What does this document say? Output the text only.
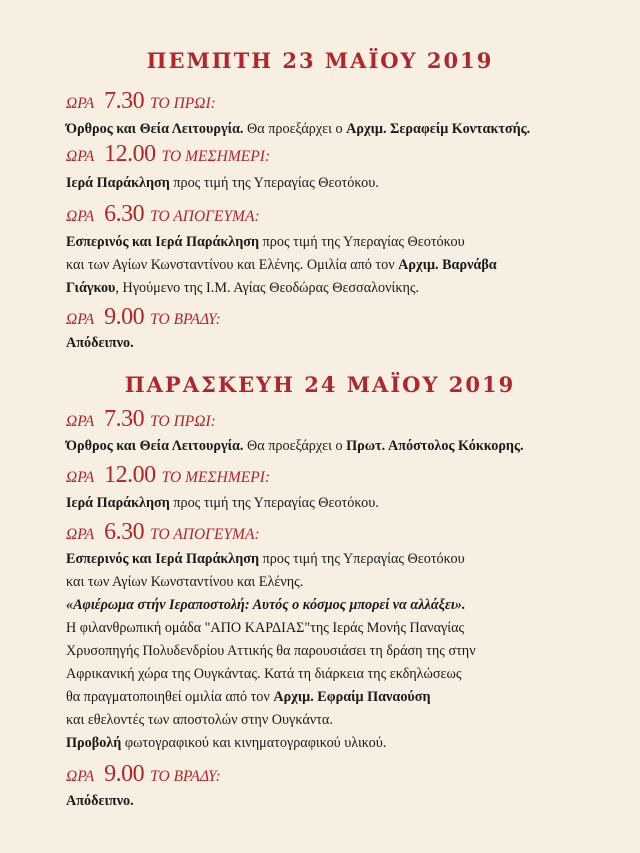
ΠΕΜΠΤΗ 23 ΜΑΪΟΥ 2019
ΩΡΑ 7.30 ΤΟ ΠΡΩΙ:
Όρθρος και Θεία Λειτουργία. Θα προεξάρχει ο Αρχιμ. Σεραφείμ Κοντακτσής.
ΩΡΑ 12.00 ΤΟ ΜΕΣΗΜΕΡΙ:
Ιερά Παράκληση προς τιμή της Υπεραγίας Θεοτόκου.
ΩΡΑ 6.30 ΤΟ ΑΠΟΓΕΥΜΑ:
Εσπερινός και Ιερά Παράκληση προς τιμή της Υπεραγίας Θεοτόκου
και των Αγίων Κωνσταντίνου και Ελένης. Ομιλία από τον Αρχιμ. Βαρνάβα
Γιάγκου, Ηγούμενο της Ι.Μ. Αγίας Θεοδώρας Θεσσαλονίκης.
ΩΡΑ 9.00 ΤΟ ΒΡΑΔΥ:
Απόδειπνο.
ΠΑΡΑΣΚΕΥΗ 24 ΜΑΪΟΥ 2019
ΩΡΑ 7.30 ΤΟ ΠΡΩΙ:
Όρθρος και Θεία Λειτουργία. Θα προεξάρχει ο Πρωτ. Απόστολος Κόκκορης.
ΩΡΑ 12.00 ΤΟ ΜΕΣΗΜΕΡΙ:
Ιερά Παράκληση προς τιμή της Υπεραγίας Θεοτόκου.
ΩΡΑ 6.30 ΤΟ ΑΠΟΓΕΥΜΑ:
Εσπερινός και Ιερά Παράκληση προς τιμή της Υπεραγίας Θεοτόκου
και των Αγίων Κωνσταντίνου και Ελένης.
«Αφιέρωμα στήν Ιεραποστολή: Αυτός ο κόσμος μπορεί να αλλάξει».
Η φιλανθρωπική ομάδα "ΑΠΟ ΚΑΡΔΙΑΣ"της Ιεράς Μονής Παναγίας
Χρυσοπηγής Πολυδενδρίου Αττικής θα παρουσιάσει τη δράση της στην
Αφρικανική χώρα της Ουγκάντας. Κατά τη διάρκεια της εκδηλώσεως
θα πραγματοποιηθεί ομιλία από τον Αρχιμ. Εφραίμ Παναούση
και εθελοντές των αποστολών στην Ουγκάντα.
Προβολή φωτογραφικού και κινηματογραφικού υλικού.
ΩΡΑ 9.00 ΤΟ ΒΡΑΔΥ:
Απόδειπνο.
